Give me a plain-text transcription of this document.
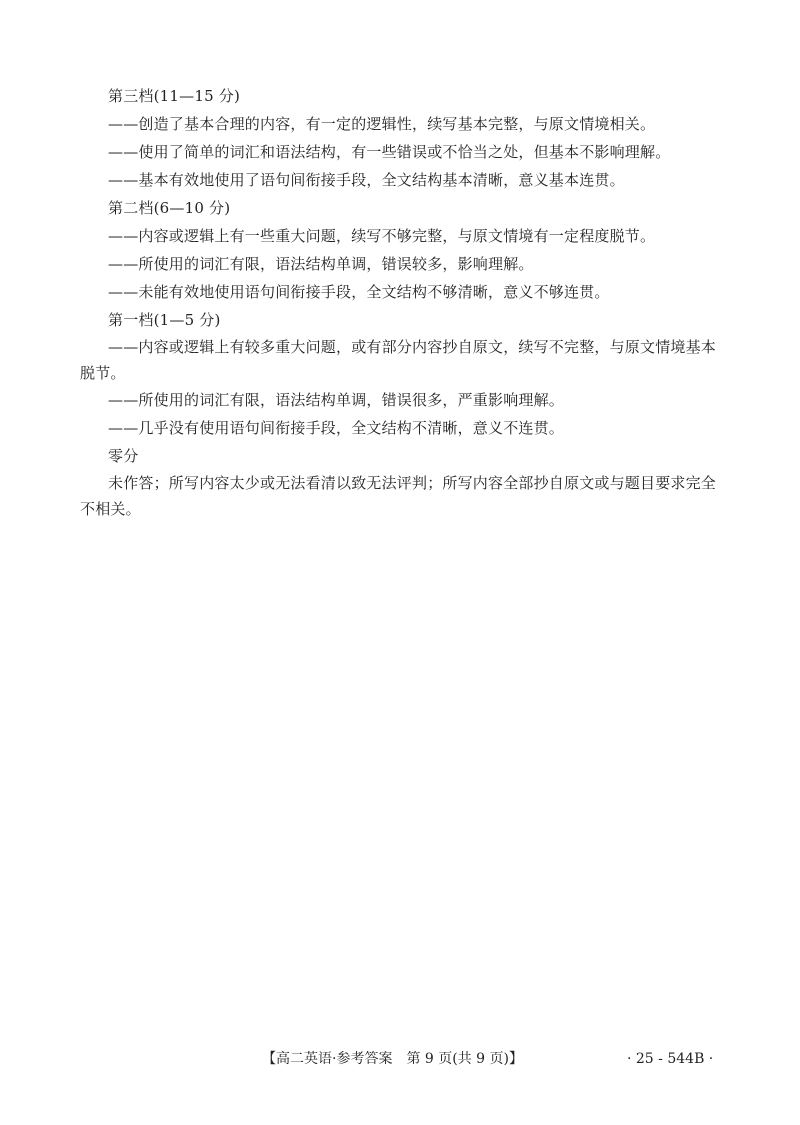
第三档(11—15 分)
——创造了基本合理的内容，有一定的逻辑性，续写基本完整，与原文情境相关。
——使用了简单的词汇和语法结构，有一些错误或不恰当之处，但基本不影响理解。
——基本有效地使用了语句间衔接手段，全文结构基本清晰，意义基本连贯。
第二档(6—10 分)
——内容或逻辑上有一些重大问题，续写不够完整，与原文情境有一定程度脱节。
——所使用的词汇有限，语法结构单调，错误较多，影响理解。
——未能有效地使用语句间衔接手段，全文结构不够清晰，意义不够连贯。
第一档(1—5 分)
——内容或逻辑上有较多重大问题，或有部分内容抄自原文，续写不完整，与原文情境基本脱节。
——所使用的词汇有限，语法结构单调，错误很多，严重影响理解。
——几乎没有使用语句间衔接手段，全文结构不清晰，意义不连贯。
零分
未作答；所写内容太少或无法看清以致无法评判；所写内容全部抄自原文或与题目要求完全不相关。
【高二英语·参考答案　第 9 页(共 9 页)】	· 25 - 544B ·
